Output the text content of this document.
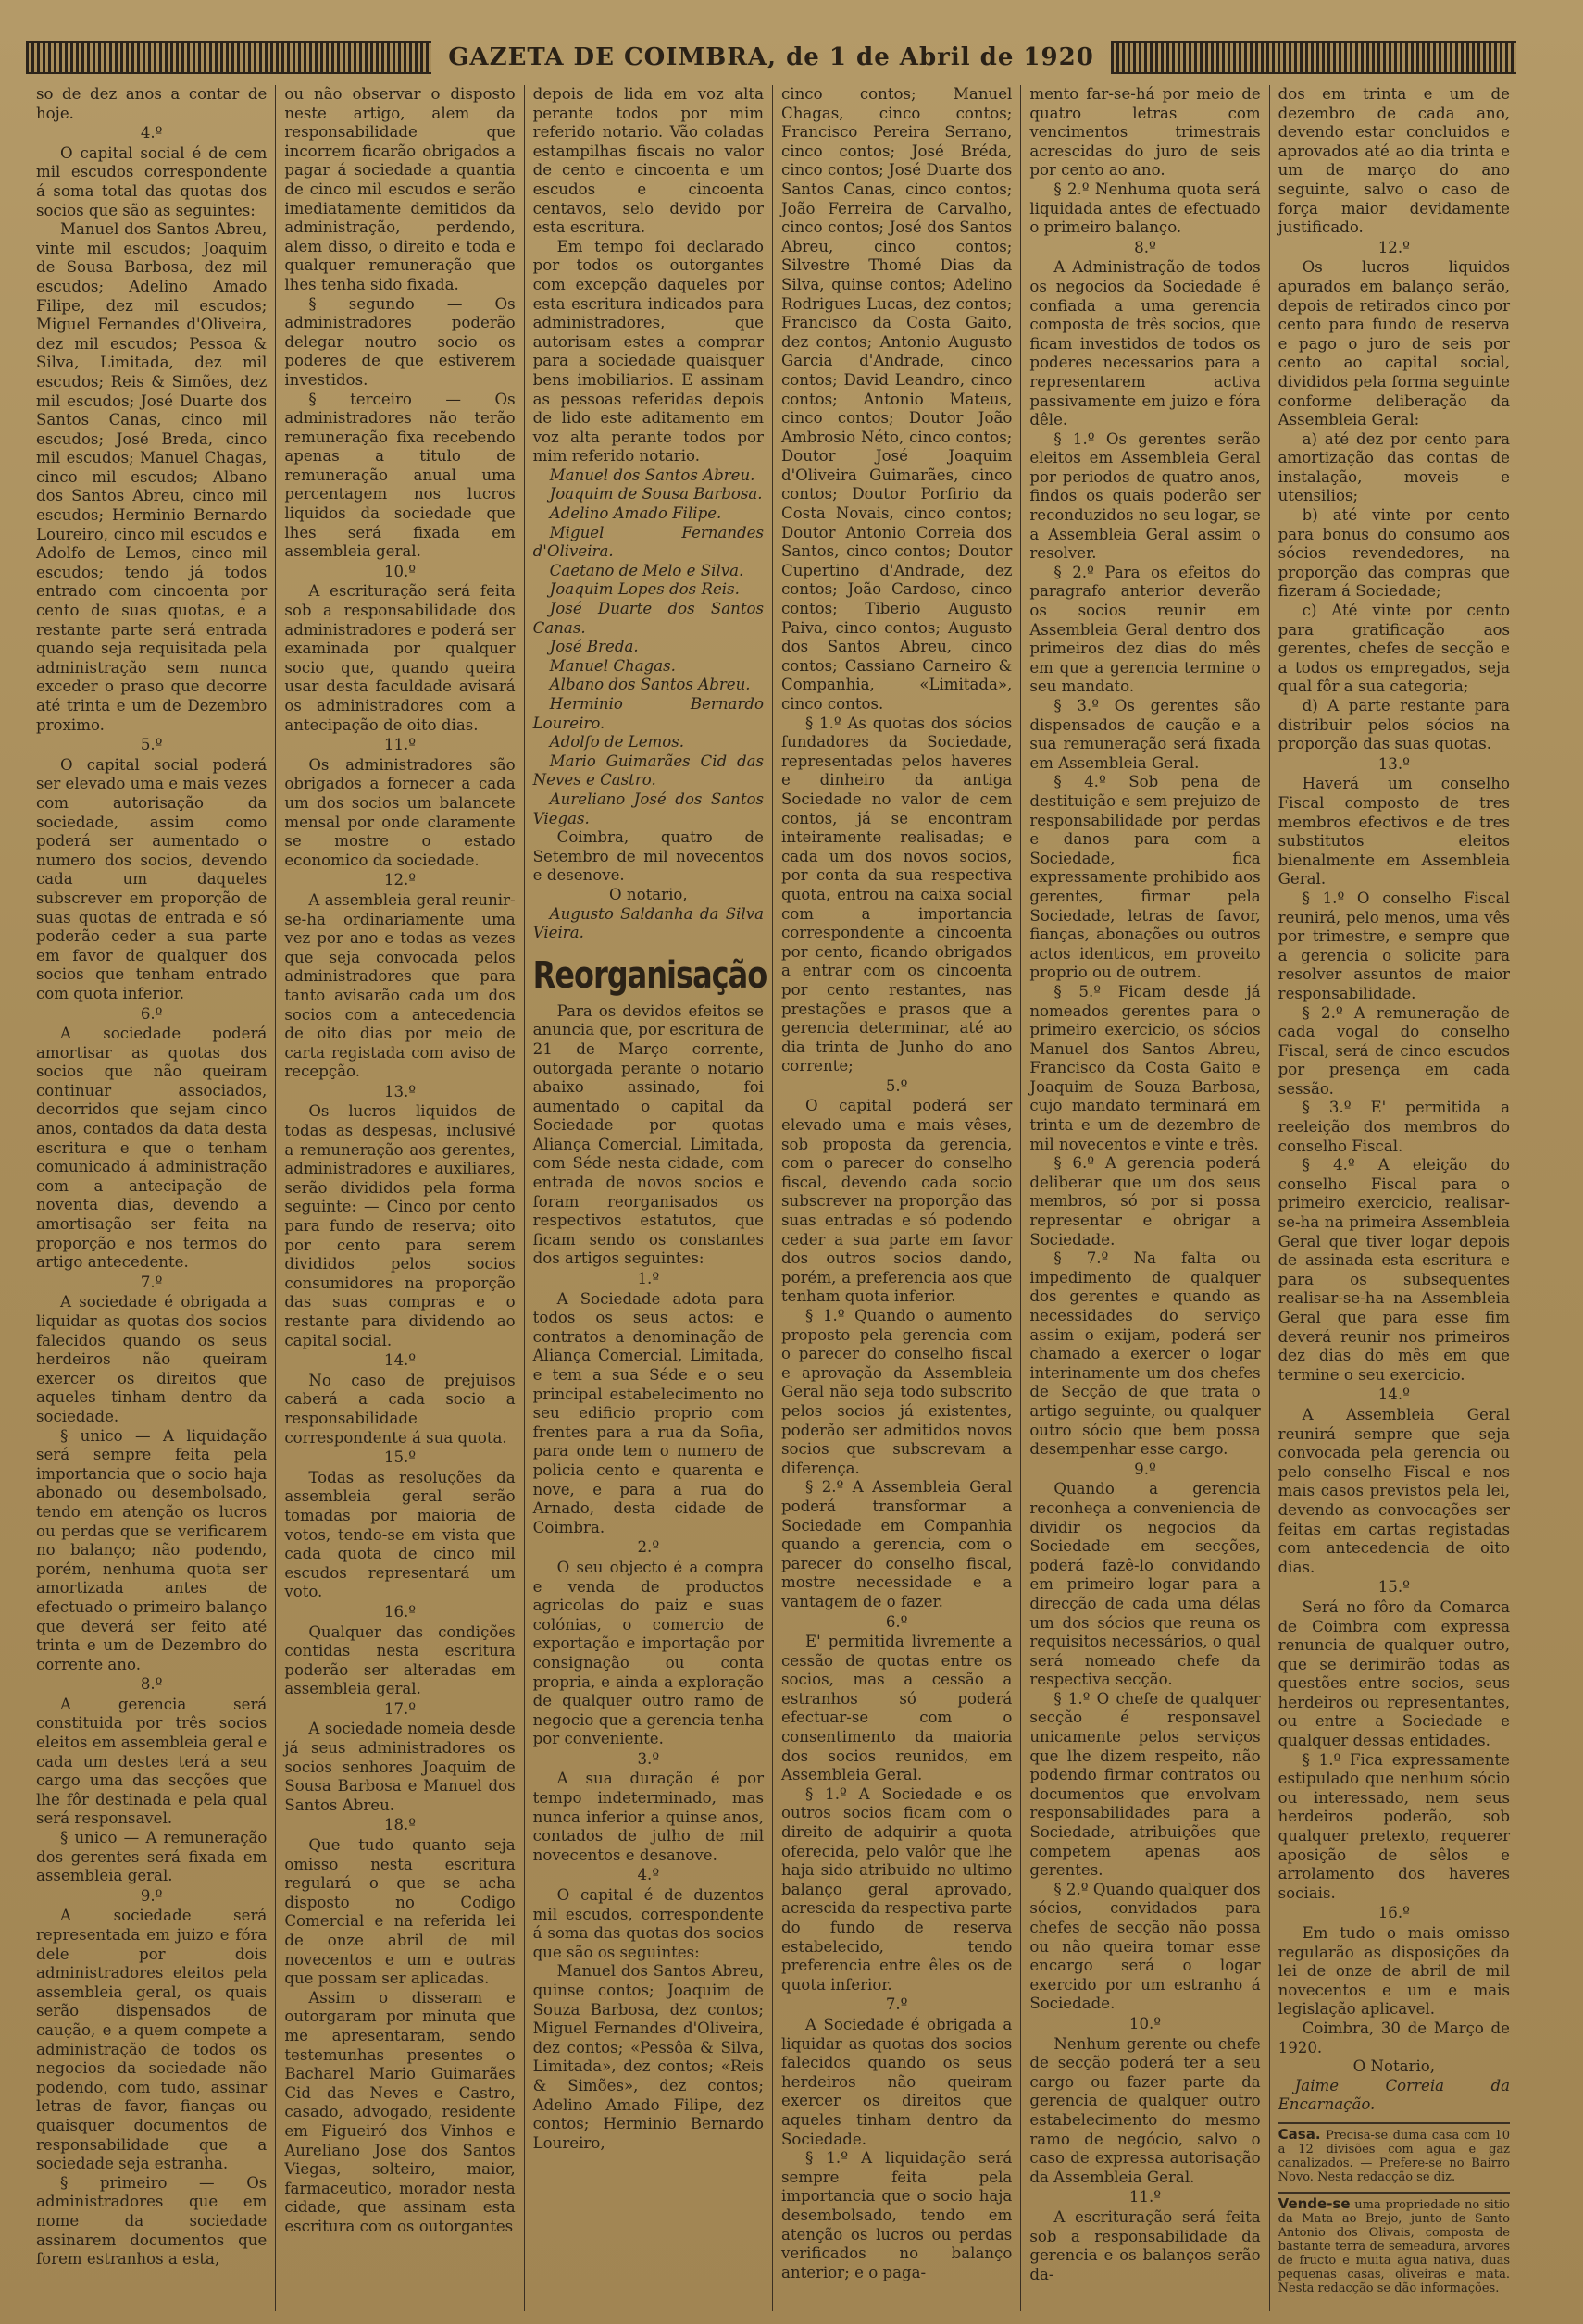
GAZETA DE COIMBRA, de 1 de Abril de 1920

so de dez anos a contar de hoje.

4.º

O capital social é de cem mil escudos correspondente á soma total das quotas dos socios que são as seguintes:

Manuel dos Santos Abreu, vinte mil escudos; Joaquim de Sousa Barbosa, dez mil escudos; Adelino Amado Filipe, dez mil escudos; Miguel Fernandes d'Oliveira, dez mil escudos; Pessoa & Silva, Limitada, dez mil escudos; Reis & Simões, dez mil escudos; José Duarte dos Santos Canas, cinco mil escudos; José Breda, cinco mil escudos; Manuel Chagas, cinco mil escudos; Albano dos Santos Abreu, cinco mil escudos; Herminio Bernardo Loureiro, cinco mil escudos e Adolfo de Lemos, cinco mil escudos; tendo já todos entrado com cincoenta por cento de suas quotas, e a restante parte será entrada quando seja requisitada pela administração sem nunca exceder o praso que decorre até trinta e um de Dezembro proximo.

5.º

O capital social poderá ser elevado uma e mais vezes com autorisação da sociedade, assim como poderá ser aumentado o numero dos socios, devendo cada um daqueles subscrever em proporção de suas quotas de entrada e só poderão ceder a sua parte em favor de qualquer dos socios que tenham entrado com quota inferior.

6.º

A sociedade poderá amortisar as quotas dos socios que não queiram continuar associados, decorridos que sejam cinco anos, contados da data desta escritura e que o tenham comunicado á administração com a antecipação de noventa dias, devendo a amortisação ser feita na proporção e nos termos do artigo antecedente.

7.º

A sociedade é obrigada a liquidar as quotas dos socios falecidos quando os seus herdeiros não queiram exercer os direitos que aqueles tinham dentro da sociedade.

§ unico — A liquidação será sempre feita pela importancia que o socio haja abonado ou desembolsado, tendo em atenção os lucros ou perdas que se verificarem no balanço; não podendo, porém, nenhuma quota ser amortizada antes de efectuado o primeiro balanço que deverá ser feito até trinta e um de Dezembro do corrente ano.

8.º

A gerencia será constituida por três socios eleitos em assembleia geral e cada um destes terá a seu cargo uma das secções que lhe fôr destinada e pela qual será responsavel.

§ unico — A remuneração dos gerentes será fixada em assembleia geral.

9.º

A sociedade será representada em juizo e fóra dele por dois administradores eleitos pela assembleia geral, os quais serão dispensados de caução, e a quem compete a administração de todos os negocios da sociedade não podendo, com tudo, assinar letras de favor, fianças ou quaisquer documentos de responsabilidade que a sociedade seja estranha.

§ primeiro — Os administradores que em nome da sociedade assinarem documentos que forem estranhos a esta,

ou não observar o disposto neste artigo, alem da responsabilidade que incorrem ficarão obrigados a pagar á sociedade a quantia de cinco mil escudos e serão imediatamente demitidos da administração, perdendo, alem disso, o direito e toda e qualquer remuneração que lhes tenha sido fixada.

§ segundo — Os administradores poderão delegar noutro socio os poderes de que estiverem investidos.

§ terceiro — Os administradores não terão remuneração fixa recebendo apenas a titulo de remuneração anual uma percentagem nos lucros liquidos da sociedade que lhes será fixada em assembleia geral.

10.º

A escrituração será feita sob a responsabilidade dos administradores e poderá ser examinada por qualquer socio que, quando queira usar desta faculdade avisará os administradores com a antecipação de oito dias.

11.º

Os administradores são obrigados a fornecer a cada um dos socios um balancete mensal por onde claramente se mostre o estado economico da sociedade.

12.º

A assembleia geral reunir-se-ha ordinariamente uma vez por ano e todas as vezes que seja convocada pelos administradores que para tanto avisarão cada um dos socios com a antecedencia de oito dias por meio de carta registada com aviso de recepção.

13.º

Os lucros liquidos de todas as despesas, inclusivé a remuneração aos gerentes, administradores e auxiliares, serão divididos pela forma seguinte: — Cinco por cento para fundo de reserva; oito por cento para serem divididos pelos socios consumidores na proporção das suas compras e o restante para dividendo ao capital social.

14.º

No caso de prejuisos caberá a cada socio a responsabilidade correspondente á sua quota.

15.º

Todas as resoluções da assembleia geral serão tomadas por maioria de votos, tendo-se em vista que cada quota de cinco mil escudos representará um voto.

16.º

Qualquer das condições contidas nesta escritura poderão ser alteradas em assembleia geral.

17.º

A sociedade nomeia desde já seus administradores os socios senhores Joaquim de Sousa Barbosa e Manuel dos Santos Abreu.

18.º

Que tudo quanto seja omisso nesta escritura regulará o que se acha disposto no Codigo Comercial e na referida lei de onze abril de mil novecentos e um e outras que possam ser aplicadas.

Assim o disseram e outorgaram por minuta que me apresentaram, sendo testemunhas presentes o Bacharel Mario Guimarães Cid das Neves e Castro, casado, advogado, residente em Figueiró dos Vinhos e Aureliano Jose dos Santos Viegas, solteiro, maior, farmaceutico, morador nesta cidade, que assinam esta escritura com os outorgantes

depois de lida em voz alta perante todos por mim referido notario. Vão coladas estampilhas fiscais no valor de cento e cincoenta e um escudos e cincoenta centavos, selo devido por esta escritura.

Em tempo foi declarado por todos os outorgantes com excepção daqueles por esta escritura indicados para administradores, que autorisam estes a comprar para a sociedade quaisquer bens imobiliarios. E assinam as pessoas referidas depois de lido este aditamento em voz alta perante todos por mim referido notario.

Manuel dos Santos Abreu.

Joaquim de Sousa Barbosa.

Adelino Amado Filipe.

Miguel Fernandes d'Oliveira.

Caetano de Melo e Silva.

Joaquim Lopes dos Reis.

José Duarte dos Santos Canas.

José Breda.

Manuel Chagas.

Albano dos Santos Abreu.

Herminio Bernardo Loureiro.

Adolfo de Lemos.

Mario Guimarães Cid das Neves e Castro.

Aureliano José dos Santos Viegas.

Coimbra, quatro de Setembro de mil novecentos e desenove.

O notario,

Augusto Saldanha da Silva Vieira.

Reorganisação

Para os devidos efeitos se anuncia que, por escritura de 21 de Março corrente, outorgada perante o notario abaixo assinado, foi aumentado o capital da Sociedade por quotas Aliança Comercial, Limitada, com Séde nesta cidade, com entrada de novos socios e foram reorganisados os respectivos estatutos, que ficam sendo os constantes dos artigos seguintes:

1.º

A Sociedade adota para todos os seus actos: e contratos a denominação de Aliança Comercial, Limitada, e tem a sua Séde e o seu principal estabelecimento no seu edificio proprio com frentes para a rua da Sofia, para onde tem o numero de policia cento e quarenta e nove, e para a rua do Arnado, desta cidade de Coimbra.

2.º

O seu objecto é a compra e venda de productos agricolas do paiz e suas colónias, o comercio de exportação e importação por consignação ou conta propria, e ainda a exploração de qualquer outro ramo de negocio que a gerencia tenha por conveniente.

3.º

A sua duração é por tempo indeterminado, mas nunca inferior a quinse anos, contados de julho de mil novecentos e desanove.

4.º

O capital é de duzentos mil escudos, correspondente á soma das quotas dos socios que são os seguintes:

Manuel dos Santos Abreu, quinse contos; Joaquim de Souza Barbosa, dez contos; Miguel Fernandes d'Oliveira, dez contos; «Pessôa & Silva, Limitada», dez contos; «Reis & Simões», dez contos; Adelino Amado Filipe, dez contos; Herminio Bernardo Loureiro,

cinco contos; Manuel Chagas, cinco contos; Francisco Pereira Serrano, cinco contos; José Bréda, cinco contos; José Duarte dos Santos Canas, cinco contos; João Ferreira de Carvalho, cinco contos; José dos Santos Abreu, cinco contos; Silvestre Thomé Dias da Silva, quinse contos; Adelino Rodrigues Lucas, dez contos; Francisco da Costa Gaito, dez contos; Antonio Augusto Garcia d'Andrade, cinco contos; David Leandro, cinco contos; Antonio Mateus, cinco contos; Doutor João Ambrosio Néto, cinco contos; Doutor José Joaquim d'Oliveira Guimarães, cinco contos; Doutor Porfirio da Costa Novais, cinco contos; Doutor Antonio Correia dos Santos, cinco contos; Doutor Cupertino d'Andrade, dez contos; João Cardoso, cinco contos; Tiberio Augusto Paiva, cinco contos; Augusto dos Santos Abreu, cinco contos; Cassiano Carneiro & Companhia, «Limitada», cinco contos.

§ 1.º As quotas dos sócios fundadores da Sociedade, representadas pelos haveres e dinheiro da antiga Sociedade no valor de cem contos, já se encontram inteiramente realisadas; e cada um dos novos socios, por conta da sua respectiva quota, entrou na caixa social com a importancia correspondente a cincoenta por cento, ficando obrigados a entrar com os cincoenta por cento restantes, nas prestações e prasos que a gerencia determinar, até ao dia trinta de Junho do ano corrente;

5.º

O capital poderá ser elevado uma e mais vêses, sob proposta da gerencia, com o parecer do conselho fiscal, devendo cada socio subscrever na proporção das suas entradas e só podendo ceder a sua parte em favor dos outros socios dando, porém, a preferencia aos que tenham quota inferior.

§ 1.º Quando o aumento proposto pela gerencia com o parecer do conselho fiscal e aprovação da Assembleia Geral não seja todo subscrito pelos socios já existentes, poderão ser admitidos novos socios que subscrevam a diferença.

§ 2.º A Assembleia Geral poderá transformar a Sociedade em Companhia quando a gerencia, com o parecer do conselho fiscal, mostre necessidade e a vantagem de o fazer.

6.º

E' permitida livremente a cessão de quotas entre os socios, mas a cessão a estranhos só poderá efectuar-se com o consentimento da maioria dos socios reunidos, em Assembleia Geral.

§ 1.º A Sociedade e os outros socios ficam com o direito de adquirir a quota oferecida, pelo valôr que lhe haja sido atribuido no ultimo balanço geral aprovado, acrescida da respectiva parte do fundo de reserva estabelecido, tendo preferencia entre êles os de quota inferior.

7.º

A Sociedade é obrigada a liquidar as quotas dos socios falecidos quando os seus herdeiros não queiram exercer os direitos que aqueles tinham dentro da Sociedade.

§ 1.º A liquidação será sempre feita pela importancia que o socio haja desembolsado, tendo em atenção os lucros ou perdas verificados no balanço anterior; e o paga-

mento far-se-há por meio de quatro letras com vencimentos trimestrais acrescidas do juro de seis por cento ao ano.

§ 2.º Nenhuma quota será liquidada antes de efectuado o primeiro balanço.

8.º

A Administração de todos os negocios da Sociedade é confiada a uma gerencia composta de três socios, que ficam investidos de todos os poderes necessarios para a representarem activa passivamente em juizo e fóra dêle.

§ 1.º Os gerentes serão eleitos em Assembleia Geral por periodos de quatro anos, findos os quais poderão ser reconduzidos no seu logar, se a Assembleia Geral assim o resolver.

§ 2.º Para os efeitos do paragrafo anterior deverão os socios reunir em Assembleia Geral dentro dos primeiros dez dias do mês em que a gerencia termine o seu mandato.

§ 3.º Os gerentes são dispensados de caução e a sua remuneração será fixada em Assembleia Geral.

§ 4.º Sob pena de destituição e sem prejuizo de responsabilidade por perdas e danos para com a Sociedade, fica expressamente prohibido aos gerentes, firmar pela Sociedade, letras de favor, fianças, abonações ou outros actos identicos, em proveito proprio ou de outrem.

§ 5.º Ficam desde já nomeados gerentes para o primeiro exercicio, os sócios Manuel dos Santos Abreu, Francisco da Costa Gaito e Joaquim de Souza Barbosa, cujo mandato terminará em trinta e um de dezembro de mil novecentos e vinte e três.

§ 6.º A gerencia poderá deliberar que um dos seus membros, só por si possa representar e obrigar a Sociedade.

§ 7.º Na falta ou impedimento de qualquer dos gerentes e quando as necessidades do serviço assim o exijam, poderá ser chamado a exercer o logar interinamente um dos chefes de Secção de que trata o artigo seguinte, ou qualquer outro sócio que bem possa desempenhar esse cargo.

9.º

Quando a gerencia reconheça a conveniencia de dividir os negocios da Sociedade em secções, poderá fazê-lo convidando em primeiro logar para a direcção de cada uma délas um dos sócios que reuna os requisitos necessários, o qual será nomeado chefe da respectiva secção.

§ 1.º O chefe de qualquer secção é responsavel unicamente pelos serviços que lhe dizem respeito, não podendo firmar contratos ou documentos que envolvam responsabilidades para a Sociedade, atribuições que competem apenas aos gerentes.

§ 2.º Quando qualquer dos sócios, convidados para chefes de secção não possa ou não queira tomar esse encargo será o logar exercido por um estranho á Sociedade.

10.º

Nenhum gerente ou chefe de secção poderá ter a seu cargo ou fazer parte da gerencia de qualquer outro estabelecimento do mesmo ramo de negócio, salvo o caso de expressa autorisação da Assembleia Geral.

11.º

A escrituração será feita sob a responsabilidade da gerencia e os balanços serão da-

dos em trinta e um de dezembro de cada ano, devendo estar concluidos e aprovados até ao dia trinta e um de março do ano seguinte, salvo o caso de força maior devidamente justificado.

12.º

Os lucros liquidos apurados em balanço serão, depois de retirados cinco por cento para fundo de reserva e pago o juro de seis por cento ao capital social, divididos pela forma seguinte conforme deliberação da Assembleia Geral:

a) até dez por cento para amortização das contas de instalação, moveis e utensilios;

b) até vinte por cento para bonus do consumo aos sócios revendedores, na proporção das compras que fizeram á Sociedade;

c) Até vinte por cento para gratificação aos gerentes, chefes de secção e a todos os empregados, seja qual fôr a sua categoria;

d) A parte restante para distribuir pelos sócios na proporção das suas quotas.

13.º

Haverá um conselho Fiscal composto de tres membros efectivos e de tres substitutos eleitos bienalmente em Assembleia Geral.

§ 1.º O conselho Fiscal reunirá, pelo menos, uma vês por trimestre, e sempre que a gerencia o solicite para resolver assuntos de maior responsabilidade.

§ 2.º A remuneração de cada vogal do conselho Fiscal, será de cinco escudos por presença em cada sessão.

§ 3.º E' permitida a reeleição dos membros do conselho Fiscal.

§ 4.º A eleição do conselho Fiscal para o primeiro exercicio, realisar-se-ha na primeira Assembleia Geral que tiver logar depois de assinada esta escritura e para os subsequentes realisar-se-ha na Assembleia Geral que para esse fim deverá reunir nos primeiros dez dias do mês em que termine o seu exercicio.

14.º

A Assembleia Geral reunirá sempre que seja convocada pela gerencia ou pelo conselho Fiscal e nos mais casos previstos pela lei, devendo as convocações ser feitas em cartas registadas com antecedencia de oito dias.

15.º

Será no fôro da Comarca de Coimbra com expressa renuncia de qualquer outro, que se derimirão todas as questões entre socios, seus herdeiros ou representantes, ou entre a Sociedade e qualquer dessas entidades.

§ 1.º Fica expressamente estipulado que nenhum sócio ou interessado, nem seus herdeiros poderão, sob qualquer pretexto, requerer aposição de sêlos e arrolamento dos haveres sociais.

16.º

Em tudo o mais omisso regularão as disposições da lei de onze de abril de mil novecentos e um e mais legislação aplicavel.

Coimbra, 30 de Março de 1920.

O Notario,

Jaime Correia da Encarnação.

Casa. Precisa-se duma casa com 10 a 12 divisões com agua e gaz canalizados. — Prefere-se no Bairro Novo. Nesta redacção se diz.
Vende-se uma propriedade no sitio da Mata ao Brejo, junto de Santo Antonio dos Olivais, composta de bastante terra de semeadura, arvores de fructo e muita agua nativa, duas pequenas casas, oliveiras e mata. Nesta redacção se dão informações.
